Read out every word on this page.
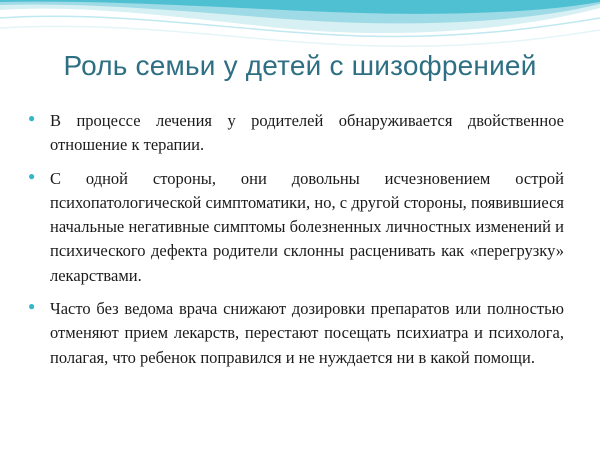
Роль семьи у детей с шизофренией
● В процессе лечения у родителей обнаруживается двойственное отношение к терапии.
● С одной стороны, они довольны исчезновением острой психопатологической симптоматики, но, с другой стороны, появившиеся начальные негативные симптомы болезненных личностных изменений и психического дефекта родители склонны расценивать как «перегрузку» лекарствами.
● Часто без ведома врача снижают дозировки препаратов или полностью отменяют прием лекарств, перестают посещать психиатра и психолога, полагая, что ребенок поправился и не нуждается ни в какой помощи.
